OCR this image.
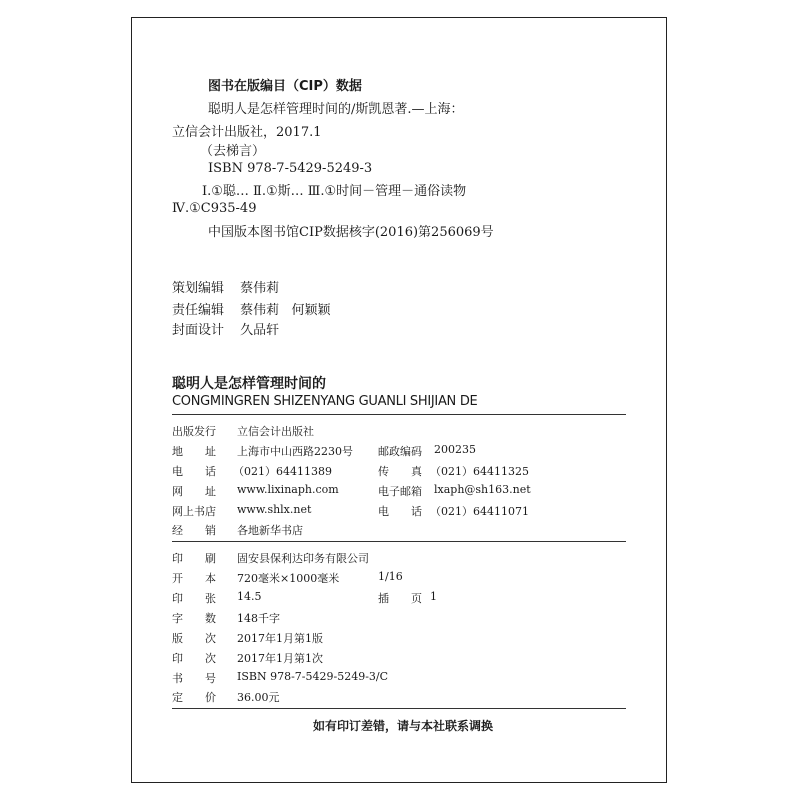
图书在版编目（CIP）数据
聪明人是怎样管理时间的/斯凯恩著.—上海：
立信会计出版社，2017.1
（去梯言）
ISBN 978-7-5429-5249-3
Ⅰ.①聪… Ⅱ.①斯… Ⅲ.①时间－管理－通俗读物
Ⅳ.①C935-49
中国版本图书馆CIP数据核字(2016)第256069号
策划编辑 蔡伟莉
责任编辑 蔡伟莉   何颖颖
封面设计 久品轩
聪明人是怎样管理时间的
CONGMINGREN SHIZENYANG GUANLI SHIJIAN DE
出版发行 立信会计出版社
地　　址 上海市中山西路2230号 邮政编码 200235
电　　话 （021）64411389	传　　真 （021）64411325
网　　址 www.lixinaph.com	电子邮箱 lxaph@sh163.net
网上书店 www.shlx.net	电　　话 （021）64411071
经　　销 各地新华书店
印　　刷 固安县保利达印务有限公司
开　　本 720毫米×1000毫米	1/16
印　　张 14.5	插　　页 1
字　　数 148千字
版　　次 2017年1月第1版
印　　次 2017年1月第1次
书　　号 ISBN 978-7-5429-5249-3/C
定　　价 36.00元
如有印订差错，请与本社联系调换
